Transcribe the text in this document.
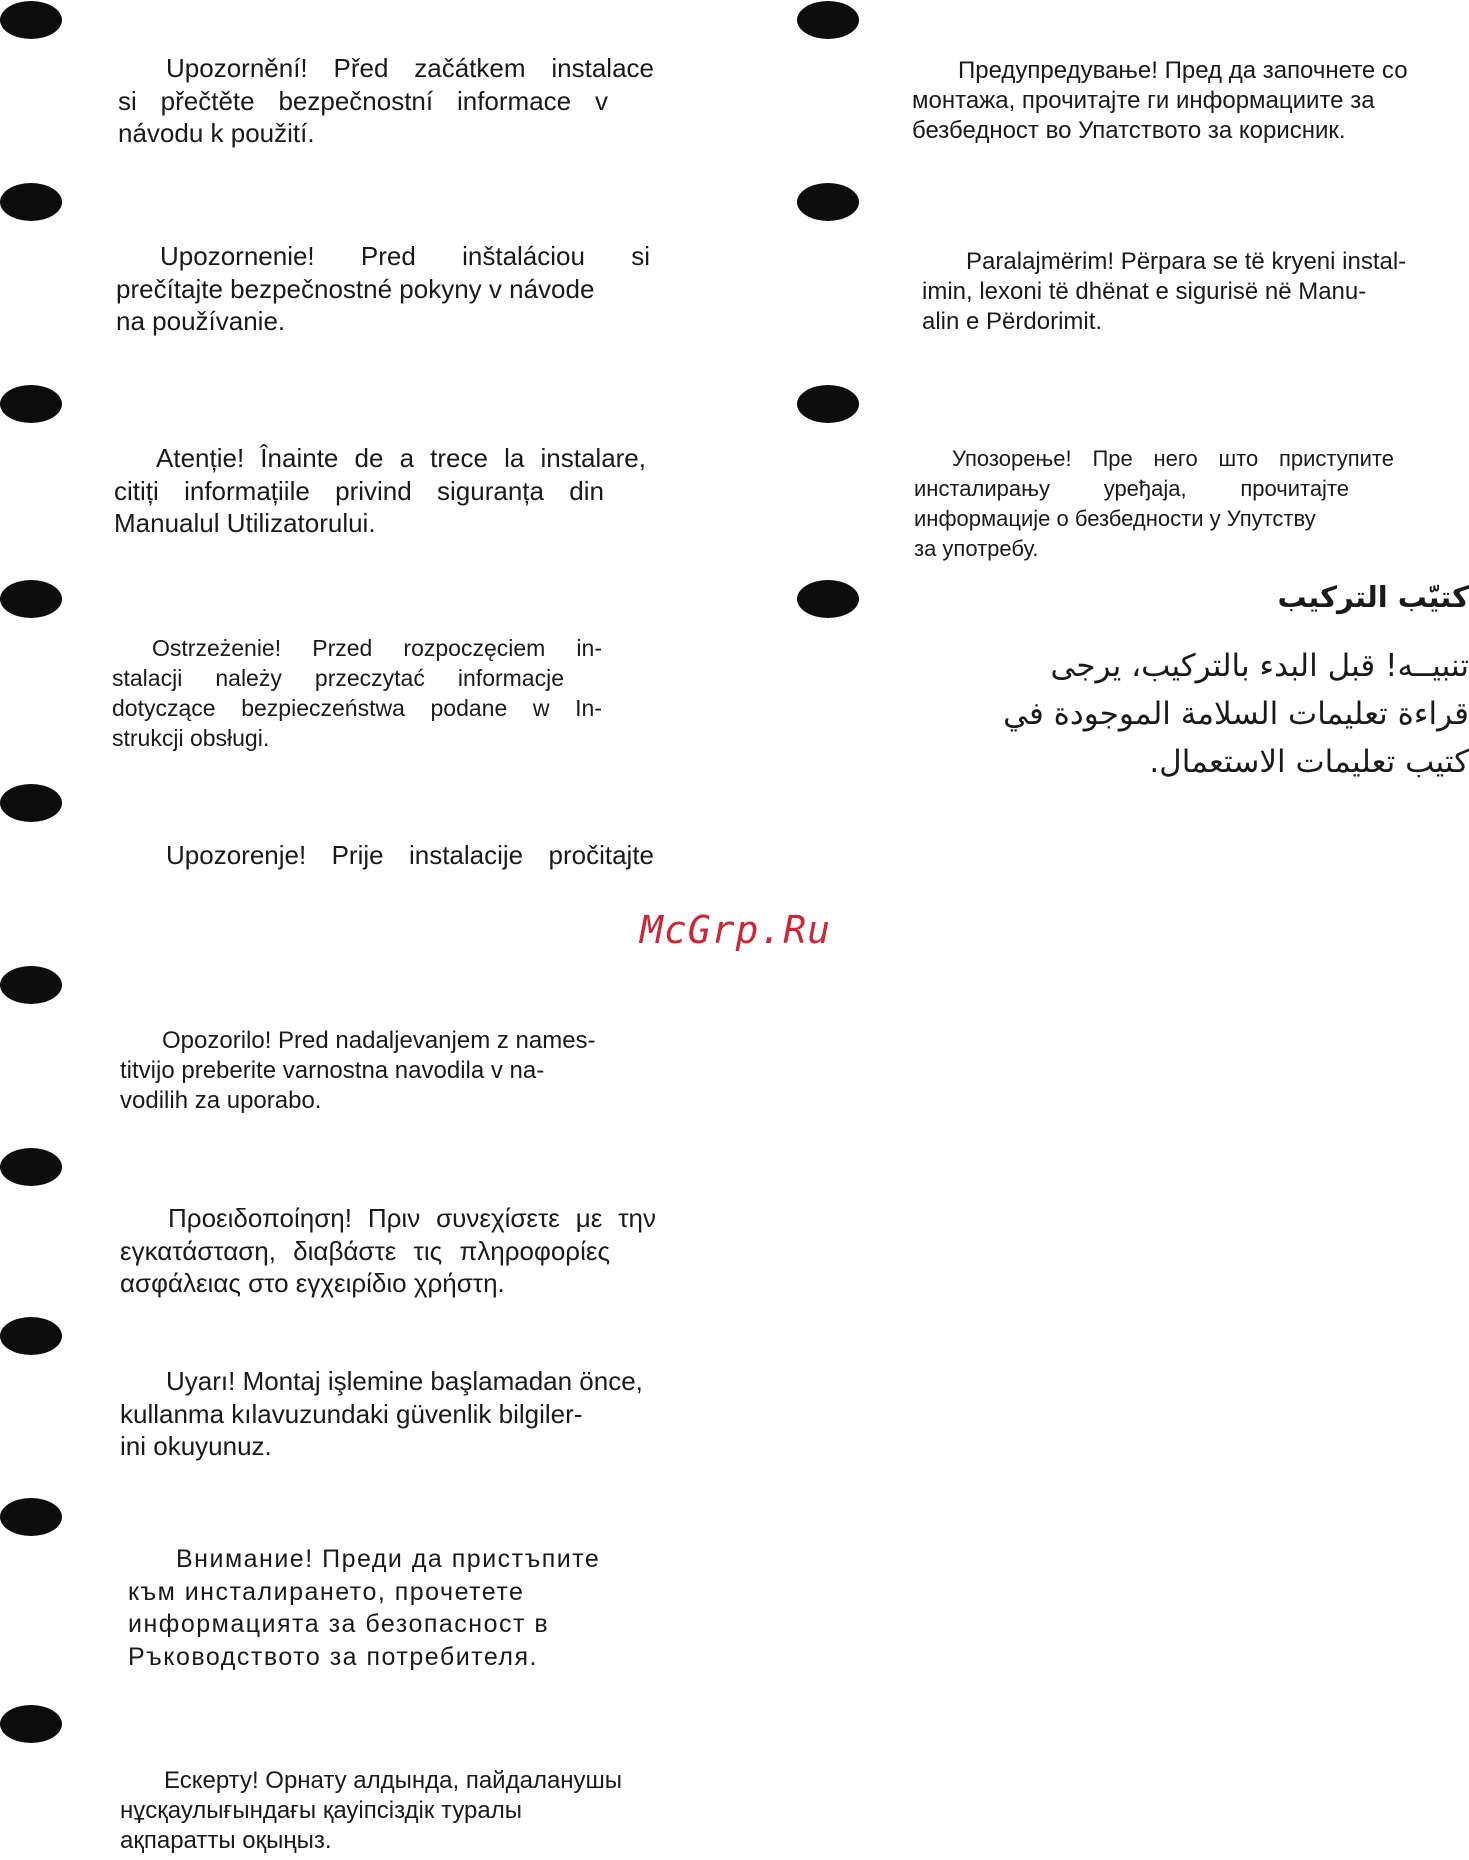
Upozornění! Před začátkem instalace
si přečtěte bezpečnostní informace v
návodu k použití.
Upozornenie! Pred inštaláciou si
prečítajte bezpečnostné pokyny v návode
na používanie.
Atenție! Înainte de a trece la instalare,
citiți informațiile privind siguranța din
Manualul Utilizatorului.
Ostrzeżenie! Przed rozpoczęciem in-
stalacji należy przeczytać informacje
dotyczące bezpieczeństwa podane w In-
strukcji obsługi.
Upozorenje! Prije instalacije pročitajte
McGrp.Ru
Opozorilo! Pred nadaljevanjem z names-
titvijo preberite varnostna navodila v na-
vodilih za uporabo.
Προειδοποίηση! Πριν συνεχίσετε με την
εγκατάσταση, διαβάστε τις πληροφορίες
ασφάλειας στο εγχειρίδιο χρήστη.
Uyarı! Montaj işlemine başlamadan önce,
kullanma kılavuzundaki güvenlik bilgiler-
ini okuyunuz.
Внимание! Преди да пристъпите
към инсталирането, прочетете
информацията за безопасност в
Ръководството за потребителя.
Ескерту! Орнату алдында, пайдаланушы
нұсқаулығындағы қауіпсіздік туралы
ақпаратты оқыңыз.
Предупредување! Пред да започнете со
монтажа, прочитајте ги информациите за
безбедност во Упатството за корисник.
Paralajmërim! Përpara se të kryeni instal-
imin, lexoni të dhënat e sigurisë në Manu-
alin e Përdorimit.
Упозорење! Пре него што приступите
инсталирању уређаја, прочитајте
информације о безбедности у Упутству
за употребу.
كتيّب التركيب
تنبيــه! قبل البدء بالتركيب، يرجى
قراءة تعليمات السلامة الموجودة في
كتيب تعليمات الاستعمال.
